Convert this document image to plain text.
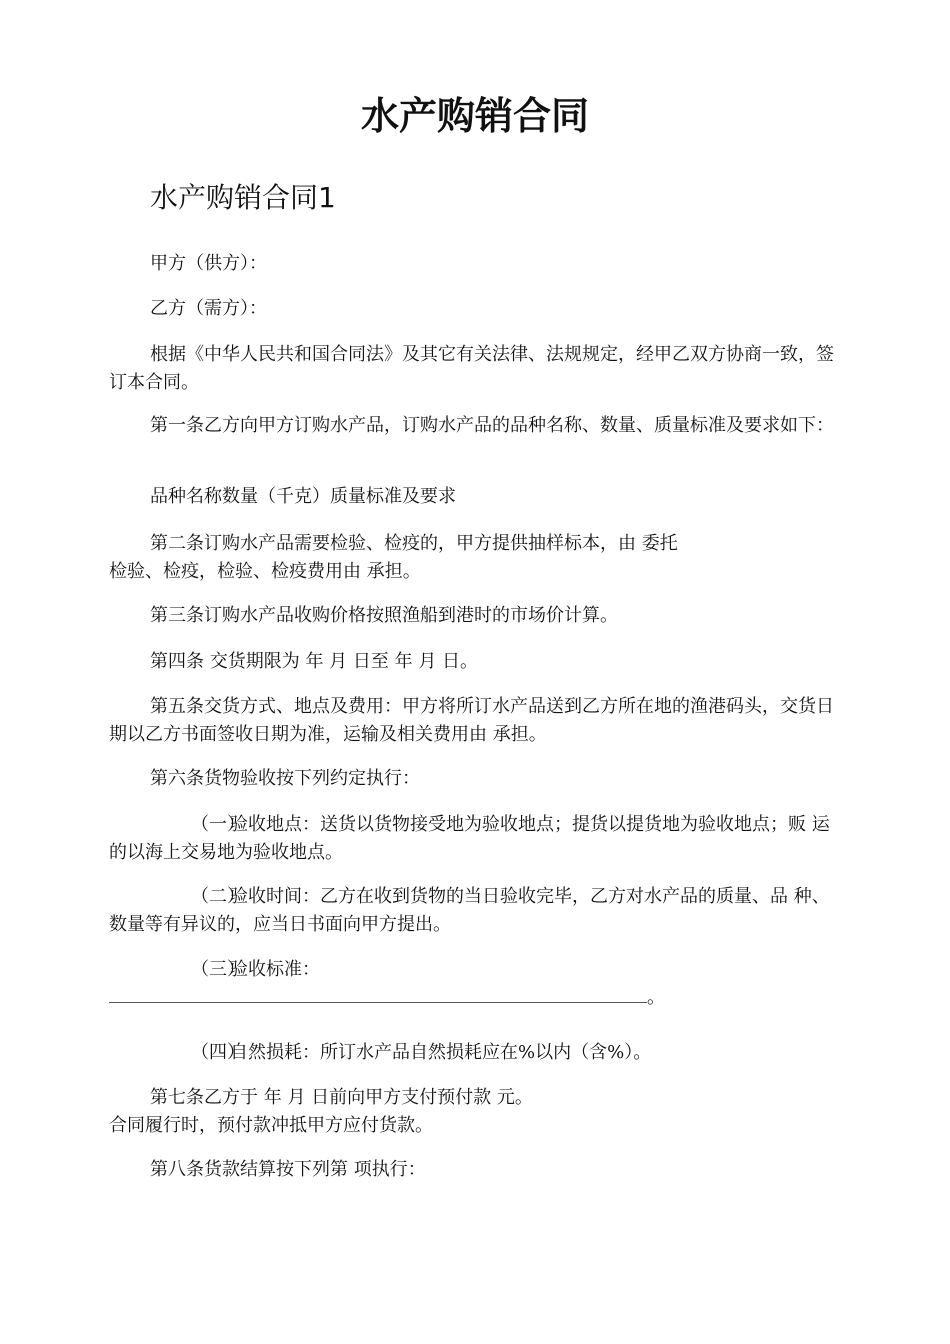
水产购销合同
水产购销合同1

甲方（供方）：

乙方（需方）：

根据《中华人民共和国合同法》及其它有关法律、法规规定，经甲乙双方协商一致，签订本合同。

第一条乙方向甲方订购水产品，订购水产品的品种名称、数量、质量标准及要求如下：

品种名称数量（千克）质量标准及要求

第二条订购水产品需要检验、检疫的，甲方提供抽样标本，由 委托
检验、检疫，检验、检疫费用由 承担。

第三条订购水产品收购价格按照渔船到港时的市场价计算。

第四条 交货期限为 年 月 日至 年 月 日。

第五条交货方式、地点及费用：甲方将所订水产品送到乙方所在地的渔港码头，交货日期以乙方书面签收日期为准，运输及相关费用由 承担。

第六条货物验收按下列约定执行：

（一）验收地点：送货以货物接受地为验收地点；提货以提货地为验收地点；贩 运的以海上交易地为验收地点。

（二）验收时间：乙方在收到货物的当日验收完毕，乙方对水产品的质量、品 种、数量等有异议的，应当日书面向甲方提出。

（三）验收标准：
。

（四）自然损耗：所订水产品自然损耗应在%以内（含%）。

第七条乙方于 年 月 日前向甲方支付预付款 元。
合同履行时，预付款冲抵甲方应付货款。

第八条货款结算按下列第 项执行：
